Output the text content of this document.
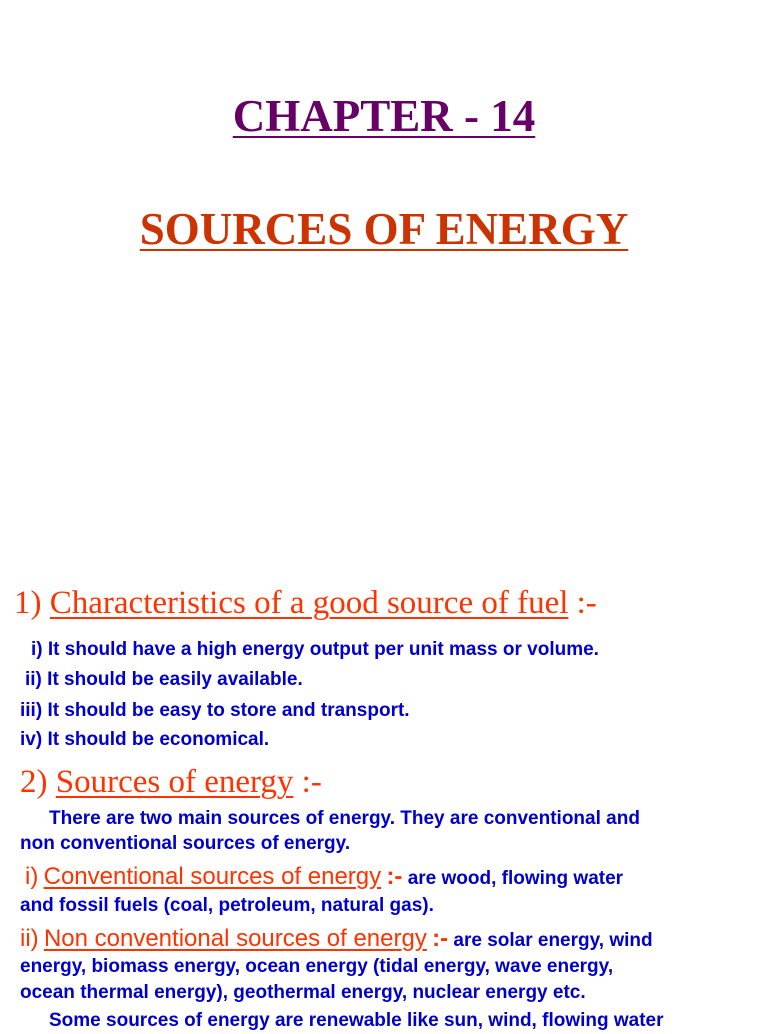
CHAPTER - 14
SOURCES OF ENERGY
1) Characteristics of a good source of fuel :-
i) It should have a high energy output per unit mass or volume.
ii) It should be easily available.
iii) It should be easy to store and transport.
iv) It should be economical.
2) Sources of energy :-
There are two main sources of energy. They are conventional and
non conventional sources of energy.
i) Conventional sources of energy :- are wood, flowing water
and fossil fuels (coal, petroleum, natural gas).
ii) Non conventional sources of energy :- are solar energy, wind
energy, biomass energy, ocean energy (tidal energy, wave energy,
ocean thermal energy), geothermal energy, nuclear energy etc.
Some sources of energy are renewable like sun, wind, flowing water
